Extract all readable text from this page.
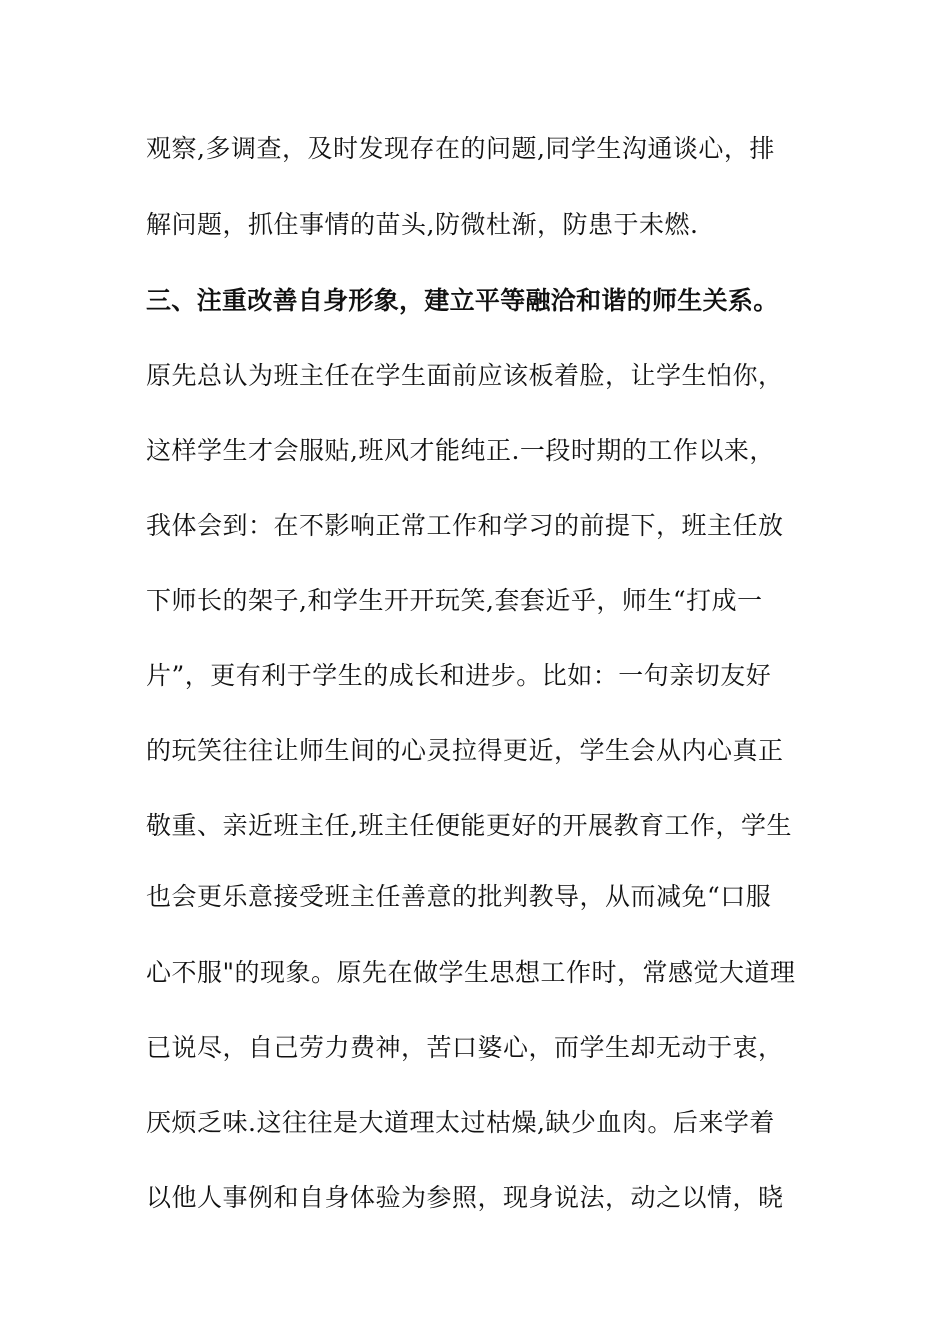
观察,多调查，及时发现存在的问题,同学生沟通谈心，排
解问题，抓住事情的苗头,防微杜渐，防患于未燃.
三、注重改善自身形象，建立平等融洽和谐的师生关系。
原先总认为班主任在学生面前应该板着脸，让学生怕你，
这样学生才会服贴,班风才能纯正.一段时期的工作以来，
我体会到：在不影响正常工作和学习的前提下，班主任放
下师长的架子,和学生开开玩笑,套套近乎，师生“打成一
片”，更有利于学生的成长和进步。比如：一句亲切友好
的玩笑往往让师生间的心灵拉得更近，学生会从内心真正
敬重、亲近班主任,班主任便能更好的开展教育工作，学生
也会更乐意接受班主任善意的批判教导，从而减免“口服
心不服"的现象。原先在做学生思想工作时，常感觉大道理
已说尽，自己劳力费神，苦口婆心，而学生却无动于衷，
厌烦乏味.这往往是大道理太过枯燥,缺少血肉。后来学着
以他人事例和自身体验为参照，现身说法，动之以情，晓
